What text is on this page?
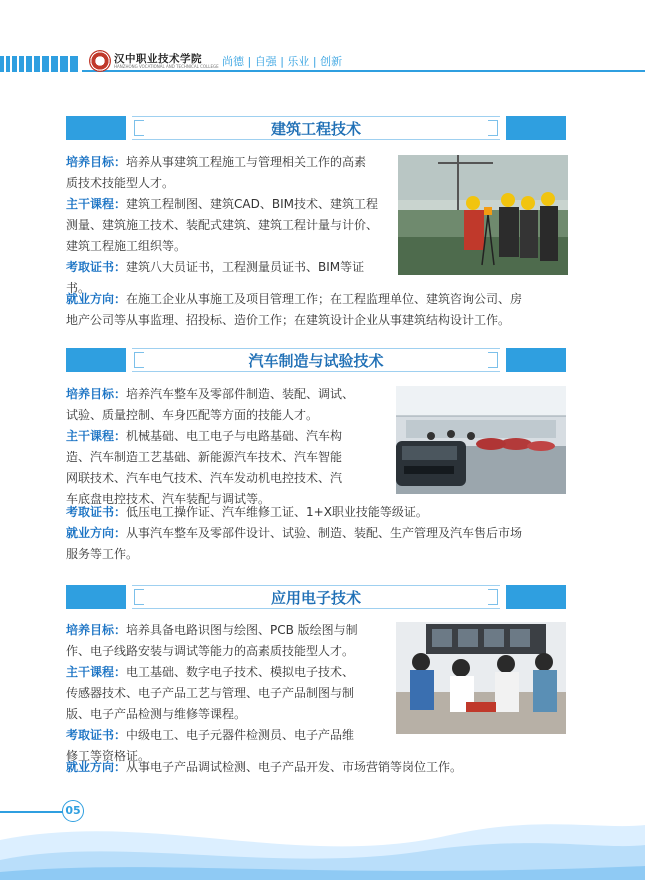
汉中职业技术学院
HANZHONG VOCATIONAL AND TECHNICAL COLLEGE 尚德 | 自强 | 乐业 | 创新
建筑工程技术
培养目标：培养从事建筑工程施工与管理相关工作的高素
质技术技能型人才。
主干课程：建筑工程制图、建筑CAD、BIM技术、建筑工程
测量、建筑施工技术、装配式建筑、建筑工程计量与计价、
建筑工程施工组织等。
考取证书：建筑八大员证书，工程测量员证书、BIM等证
书。
就业方向：在施工企业从事施工及项目管理工作；在工程监理单位、建筑咨询公司、房
地产公司等从事监理、招投标、造价工作；在建筑设计企业从事建筑结构设计工作。
汽车制造与试验技术
培养目标：培养汽车整车及零部件制造、装配、调试、
试验、质量控制、车身匹配等方面的技能人才。
主干课程：机械基础、电工电子与电路基础、汽车构
造、汽车制造工艺基础、新能源汽车技术、汽车智能
网联技术、汽车电气技术、汽车发动机电控技术、汽
车底盘电控技术、汽车装配与调试等。
考取证书：低压电工操作证、汽车维修工证、1+X职业技能等级证。
就业方向：从事汽车整车及零部件设计、试验、制造、装配、生产管理及汽车售后市场
服务等工作。
应用电子技术
培养目标：培养具备电路识图与绘图、PCB 版绘图与制
作、电子线路安装与调试等能力的高素质技能型人才。
主干课程：电工基础、数字电子技术、模拟电子技术、
传感器技术、电子产品工艺与管理、电子产品制图与制
版、电子产品检测与维修等课程。
考取证书：中级电工、电子元器件检测员、电子产品维
修工等资格证。
就业方向：从事电子产品调试检测、电子产品开发、市场营销等岗位工作。
05
